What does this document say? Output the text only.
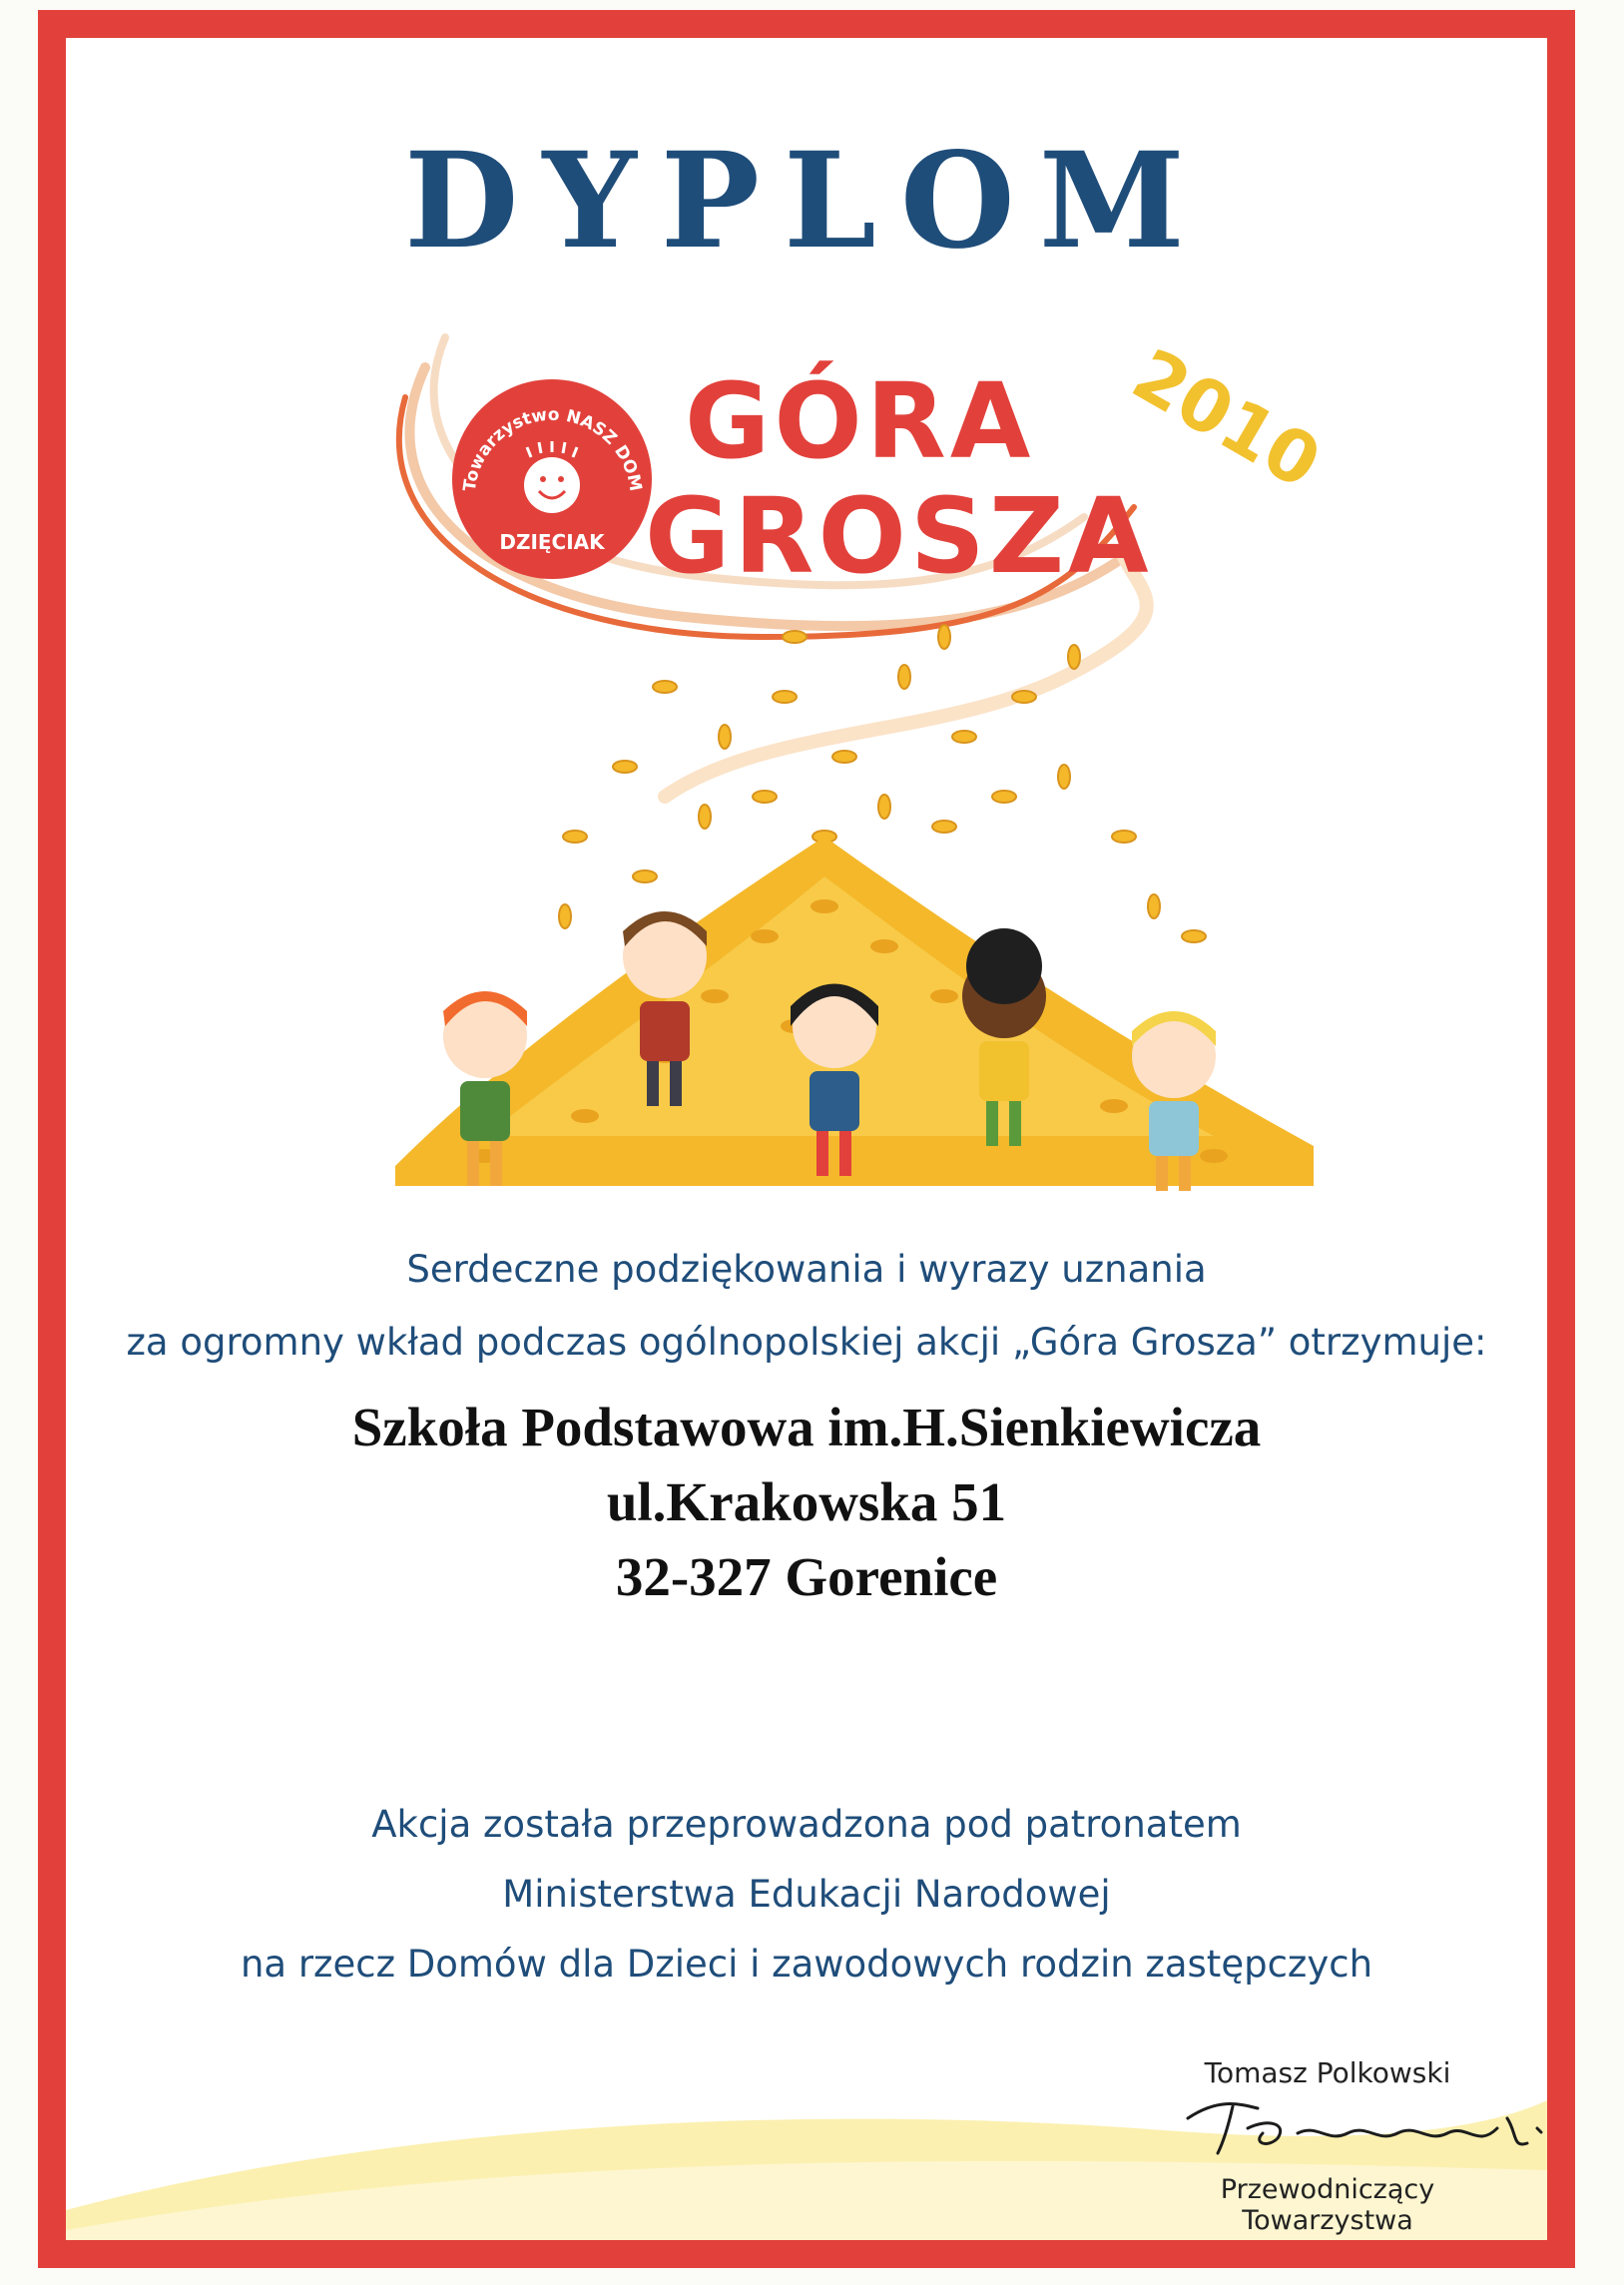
DYPLOM
Towarzystwo NASZ DOM
DZIĘCIAK
GÓRA
GROSZA
2010
Serdeczne podziękowania i wyrazy uznania
za ogromny wkład podczas ogólnopolskiej akcji „Góra Grosza” otrzymuje:
Szkoła Podstawowa im.H.Sienkiewicza
ul.Krakowska 51
32-327 Gorenice
Akcja została przeprowadzona pod patronatem
Ministerstwa Edukacji Narodowej
na rzecz Domów dla Dzieci i zawodowych rodzin zastępczych
Tomasz Polkowski
Przewodniczący Towarzystwa
